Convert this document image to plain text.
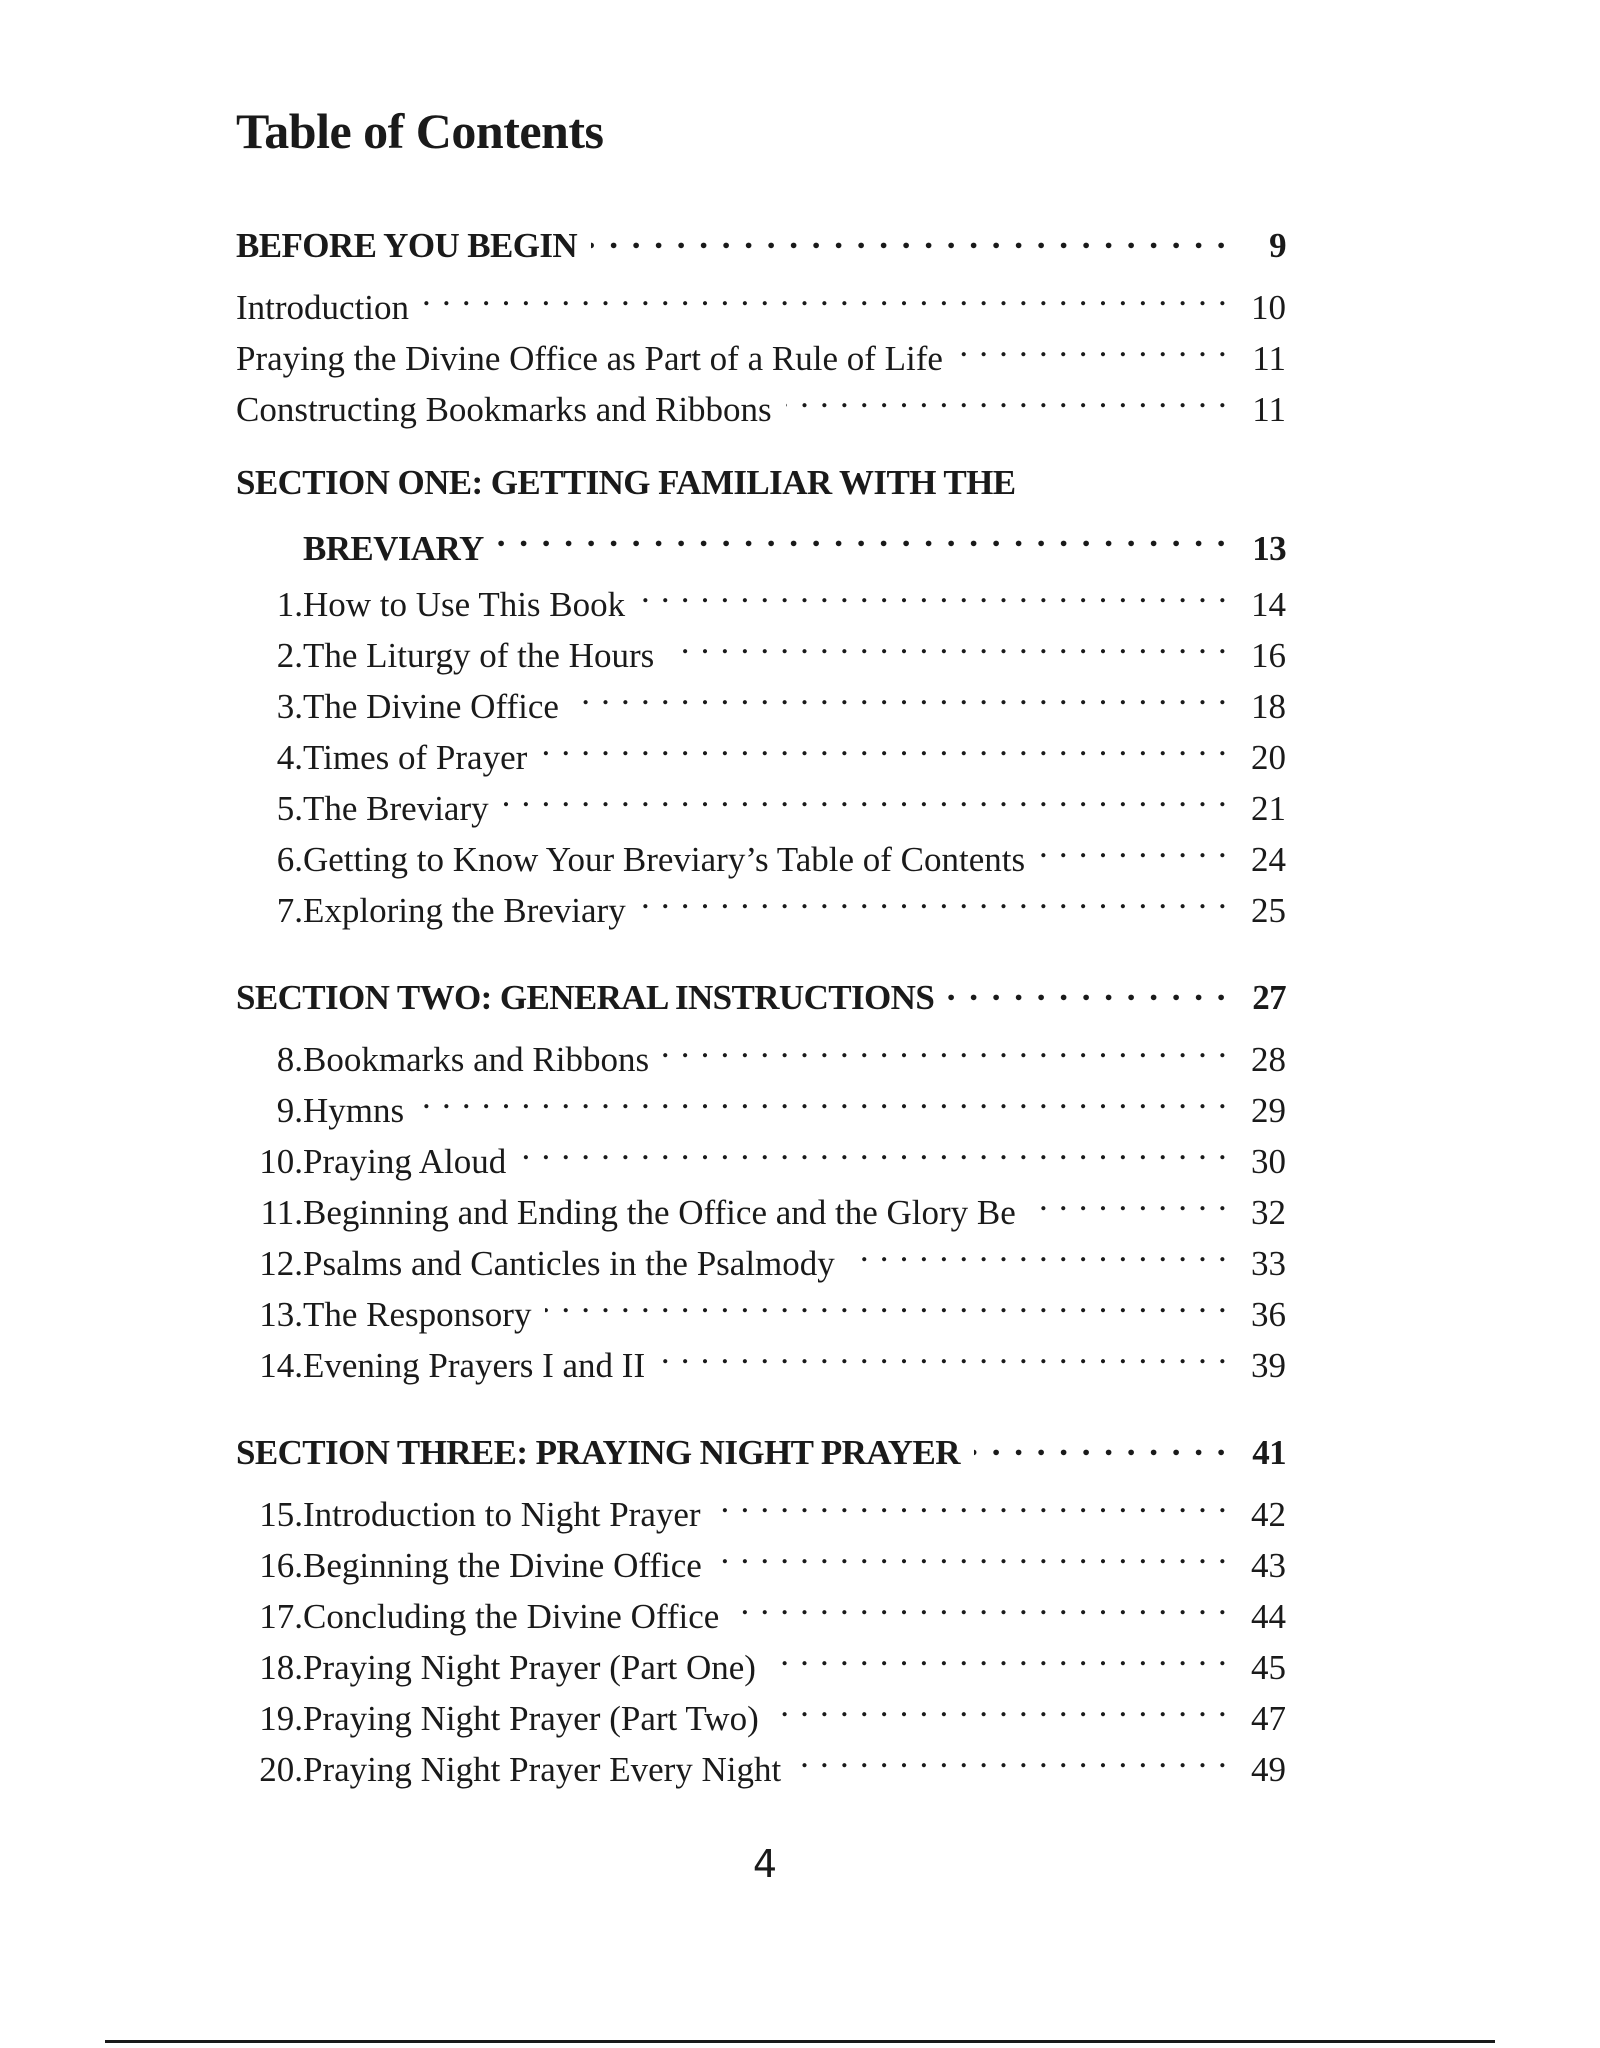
Table of Contents
BEFORE YOU BEGIN . . .	9
Introduction . . .	10
Praying the Divine Office as Part of a Rule of Life . . .	11
Constructing Bookmarks and Ribbons . . .	11
SECTION ONE: GETTING FAMILIAR WITH THE
BREVIARY . . .	13
1. How to Use This Book . . .	14
2. The Liturgy of the Hours . . .	16
3. The Divine Office . . .	18
4. Times of Prayer . . .	20
5. The Breviary . . .	21
6. Getting to Know Your Breviary’s Table of Contents . . .	24
7. Exploring the Breviary . . .	25
SECTION TWO: GENERAL INSTRUCTIONS . . .	27
8. Bookmarks and Ribbons . . .	28
9. Hymns . . .	29
10. Praying Aloud . . .	30
11. Beginning and Ending the Office and the Glory Be . . .	32
12. Psalms and Canticles in the Psalmody . . .	33
13. The Responsory . . .	36
14. Evening Prayers I and II . . .	39
SECTION THREE: PRAYING NIGHT PRAYER . . .	41
15. Introduction to Night Prayer . . .	42
16. Beginning the Divine Office . . .	43
17. Concluding the Divine Office . . .	44
18. Praying Night Prayer (Part One) . . .	45
19. Praying Night Prayer (Part Two) . . .	47
20. Praying Night Prayer Every Night . . .	49
4
